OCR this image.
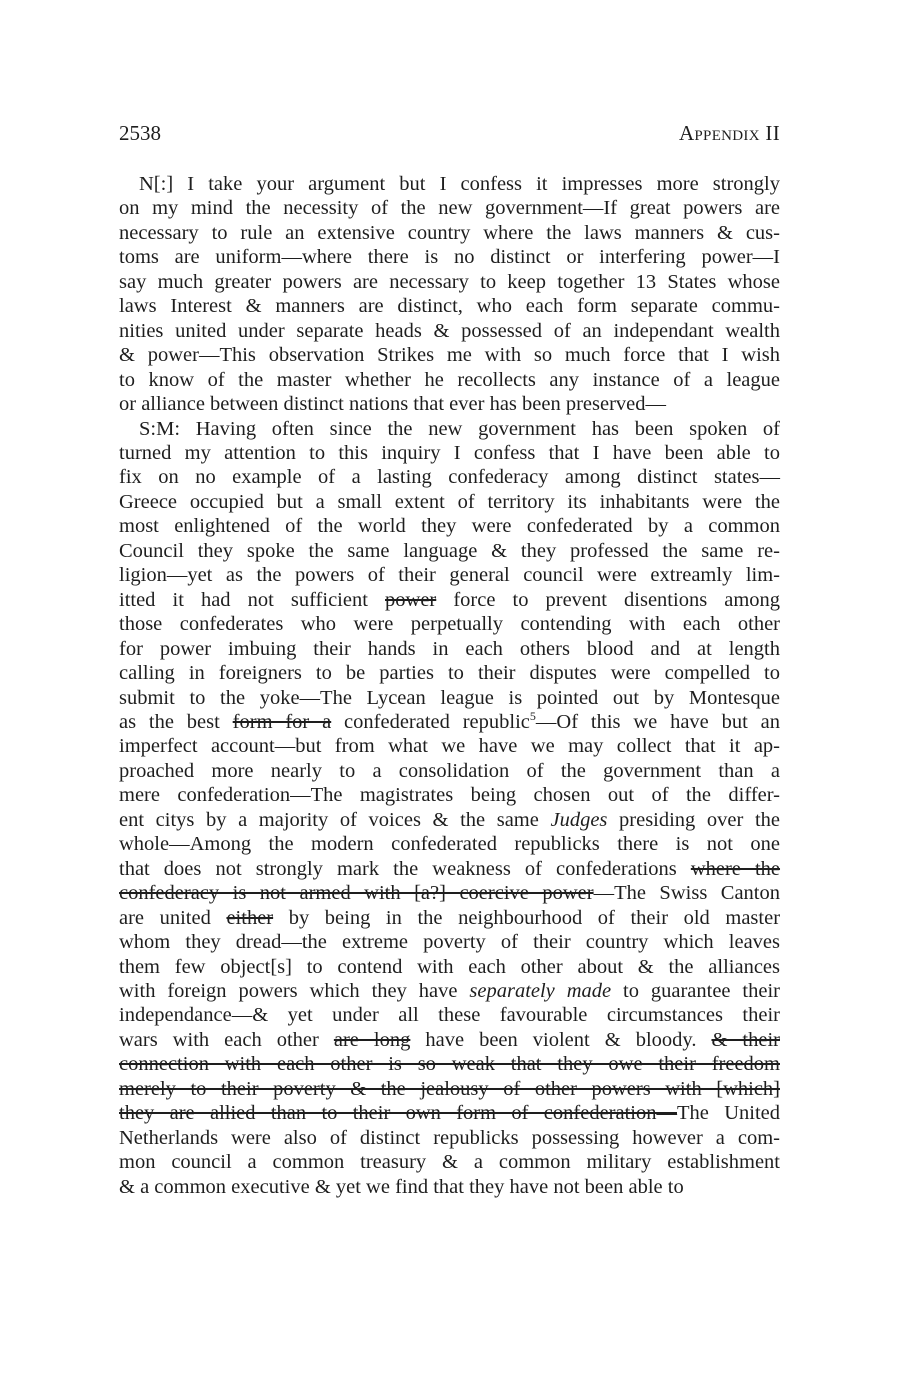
2538	Appendix II
N[:] I take your argument but I confess it impresses more strongly
on my mind the necessity of the new government—If great powers are
necessary to rule an extensive country where the laws manners & cus-
toms are uniform—where there is no distinct or interfering power—I
say much greater powers are necessary to keep together 13 States whose
laws Interest & manners are distinct, who each form separate commu-
nities united under separate heads & possessed of an independant wealth
& power—This observation Strikes me with so much force that I wish
to know of the master whether he recollects any instance of a league
or alliance between distinct nations that ever has been preserved—
S:M: Having often since the new government has been spoken of
turned my attention to this inquiry I confess that I have been able to
fix on no example of a lasting confederacy among distinct states—
Greece occupied but a small extent of territory its inhabitants were the
most enlightened of the world they were confederated by a common
Council they spoke the same language & they professed the same re-
ligion—yet as the powers of their general council were extreamly lim-
itted it had not sufficient power force to prevent disentions among
those confederates who were perpetually contending with each other
for power imbuing their hands in each others blood and at length
calling in foreigners to be parties to their disputes were compelled to
submit to the yoke—The Lycean league is pointed out by Montesque
as the best form for a confederated republic$^5$—Of this we have but an
imperfect account—but from what we have we may collect that it ap-
proached more nearly to a consolidation of the government than a
mere confederation—The magistrates being chosen out of the differ-
ent citys by a majority of voices & the same Judges presiding over the
whole—Among the modern confederated republicks there is not one
that does not strongly mark the weakness of confederations where the
confederacy is not armed with [a?] coercive power—The Swiss Canton
are united either by being in the neighbourhood of their old master
whom they dread—the extreme poverty of their country which leaves
them few object[s] to contend with each other about & the alliances
with foreign powers which they have separately made to guarantee their
independance—& yet under all these favourable circumstances their
wars with each other are long have been violent & bloody. & their
connection with each other is so weak that they owe their freedom
merely to their poverty & the jealousy of other powers with [which]
they are allied than to their own form of confederation—The United
Netherlands were also of distinct republicks possessing however a com-
mon council a common treasury & a common military establishment
& a common executive & yet we find that they have not been able to
